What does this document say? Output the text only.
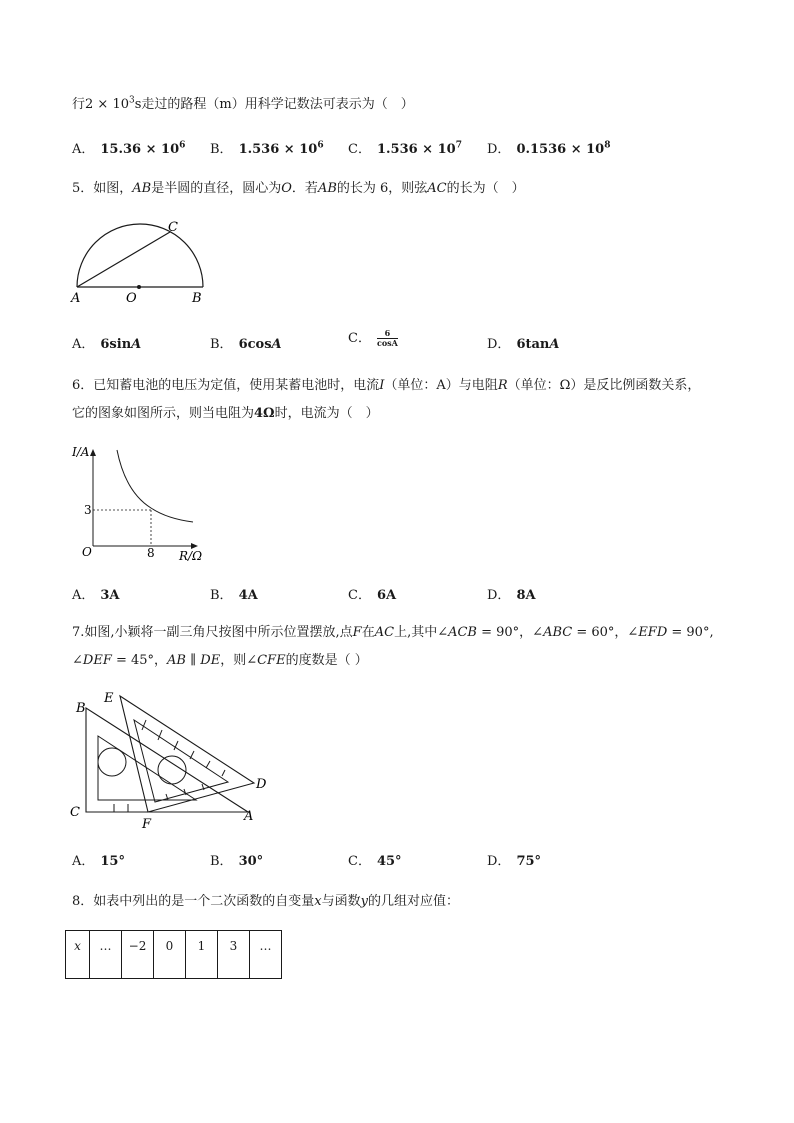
行$2 \times 10^3s$走过的路程（m）用科学记数法可表示为（　）
A． $15.36 \times 10^6$ B． $1.536 \times 10^6$ C． $1.536 \times 10^7$ D． $0.1536 \times 10^8$
5．如图，AB是半圆的直径，圆心为O．若AB的长为 6，则弦AC的长为（　）
A	O	B
C
A． 6sinA	B． 6cosA	C． $\frac{6}{\cos A}$	D． 6tanA
6．已知蓄电池的电压为定值，使用某蓄电池时，电流I（单位：A）与电阻R（单位：Ω）是反比例函数关系，
它的图象如图所示，则当电阻为4Ω时，电流为（　）
I/A
R/Ω
O
3
8
A． 3A	B． 4A	C． 6A	D． 8A
7.如图,小颖将一副三角尺按图中所示位置摆放,点F在AC上,其中∠ACB = 90°，∠ABC = 60°，∠EFD = 90°,
∠DEF = 45°，AB ∥ DE，则∠CFE的度数是（ ）
B
E
D
C
F
A
A． 15°	B． 30°	C． 45°	D． 75°
8．如表中列出的是一个二次函数的自变量x与函数y的几组对应值：
x	…	−2	0	1	3	…
